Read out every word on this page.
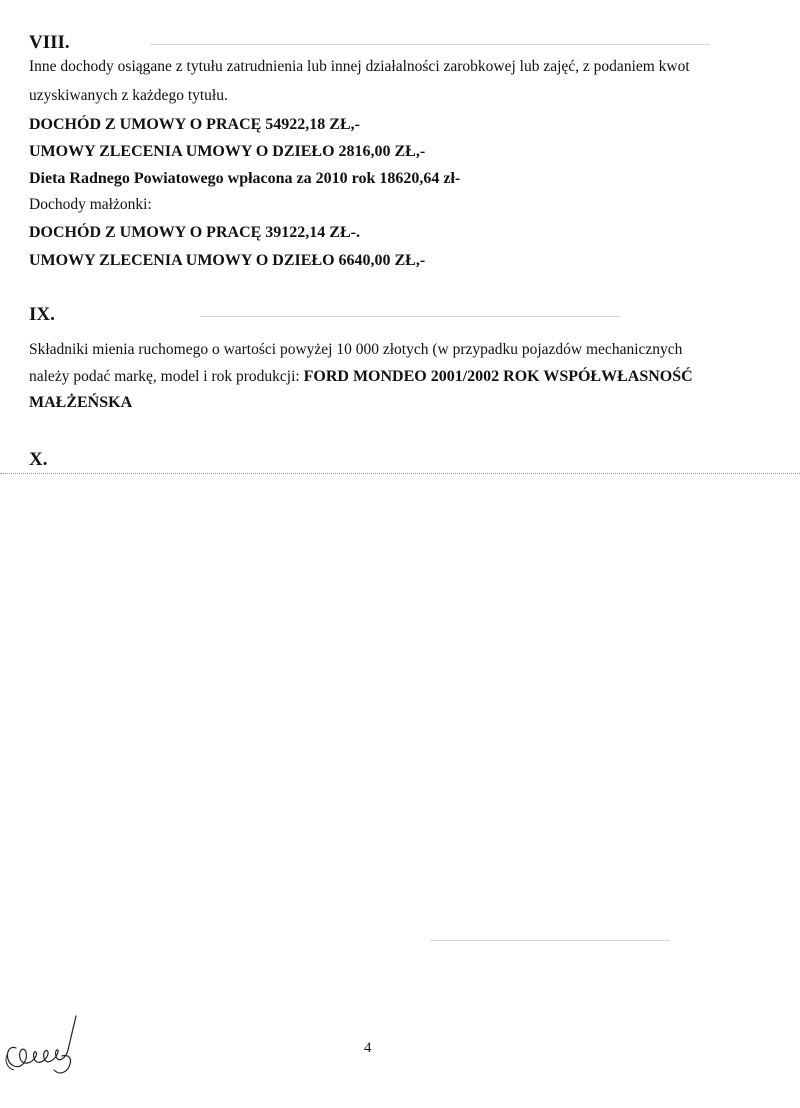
VIII.
Inne dochody osiągane z tytułu zatrudnienia lub innej działalności zarobkowej lub zajęć, z podaniem kwot
uzyskiwanych z każdego tytułu.
DOCHÓD Z UMOWY O PRACĘ 54922,18 ZŁ,-
UMOWY ZLECENIA UMOWY O DZIEŁO 2816,00 ZŁ,-
Dieta Radnego Powiatowego wpłacona za 2010 rok 18620,64 zł-
Dochody małżonki:
DOCHÓD Z UMOWY O PRACĘ 39122,14 ZŁ-.
UMOWY ZLECENIA UMOWY O DZIEŁO 6640,00 ZŁ,-
IX.
Składniki mienia ruchomego o wartości powyżej 10 000 złotych (w przypadku pojazdów mechanicznych
należy podać markę, model i rok produkcji: FORD MONDEO 2001/2002 ROK WSPÓŁWŁASNOŚĆ
MAŁŻEŃSKA
X.
4
